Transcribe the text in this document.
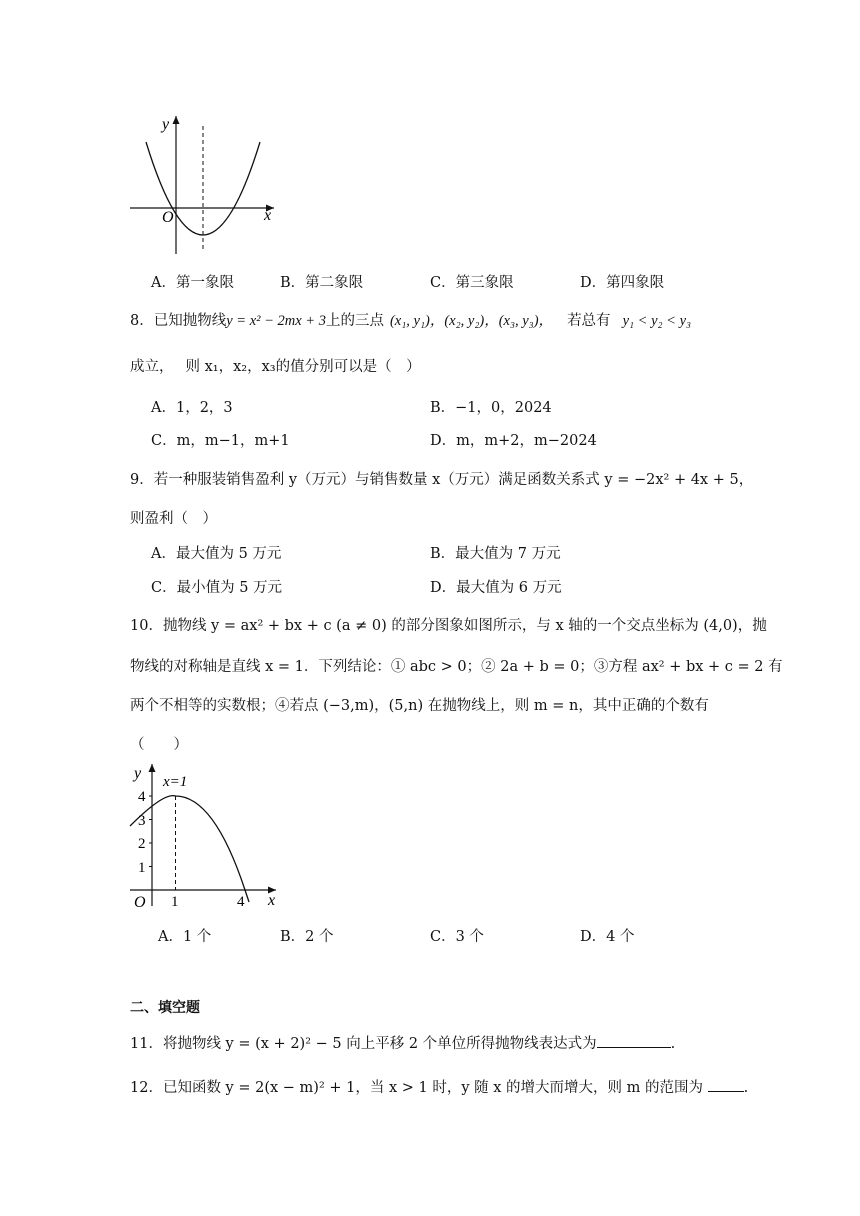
y
x
O
A．第一象限	B．第二象限	C．第三象限	D．第四象限
8．已知抛物线y = x² − 2mx + 3上的三点 (x₁, y₁)，(x₂, y₂)，(x₃, y₃)， 若总有 y₁ < y₂ < y₃
成立， 则 x₁，x₂，x₃的值分别可以是（　）
A．1，2，3	B．−1，0，2024
C．m，m−1，m+1	D．m，m+2，m−2024
9．若一种服装销售盈利 y（万元）与销售数量 x（万元）满足函数关系式 y = −2x² + 4x + 5，
则盈利（　）
A．最大值为 5 万元	B．最大值为 7 万元
C．最小值为 5 万元	D．最大值为 6 万元
10．抛物线 y = ax² + bx + c (a ≠ 0) 的部分图象如图所示，与 x 轴的一个交点坐标为 (4,0)，抛
物线的对称轴是直线 x = 1．下列结论：① abc > 0；② 2a + b = 0；③方程 ax² + bx + c = 2 有
两个不相等的实数根；④若点 (−3,m)，(5,n) 在抛物线上，则 m = n，其中正确的个数有
（　　）
y
x
O
x=1
1
2
3
4
1	4
A．1 个	B．2 个	C．3 个	D．4 个
二、填空题
11．将抛物线 y = (x + 2)² − 5 向上平移 2 个单位所得抛物线表达式为	.
12．已知函数 y = 2(x − m)² + 1，当 x > 1 时，y 随 x 的增大而增大，则 m 的范围为 .
